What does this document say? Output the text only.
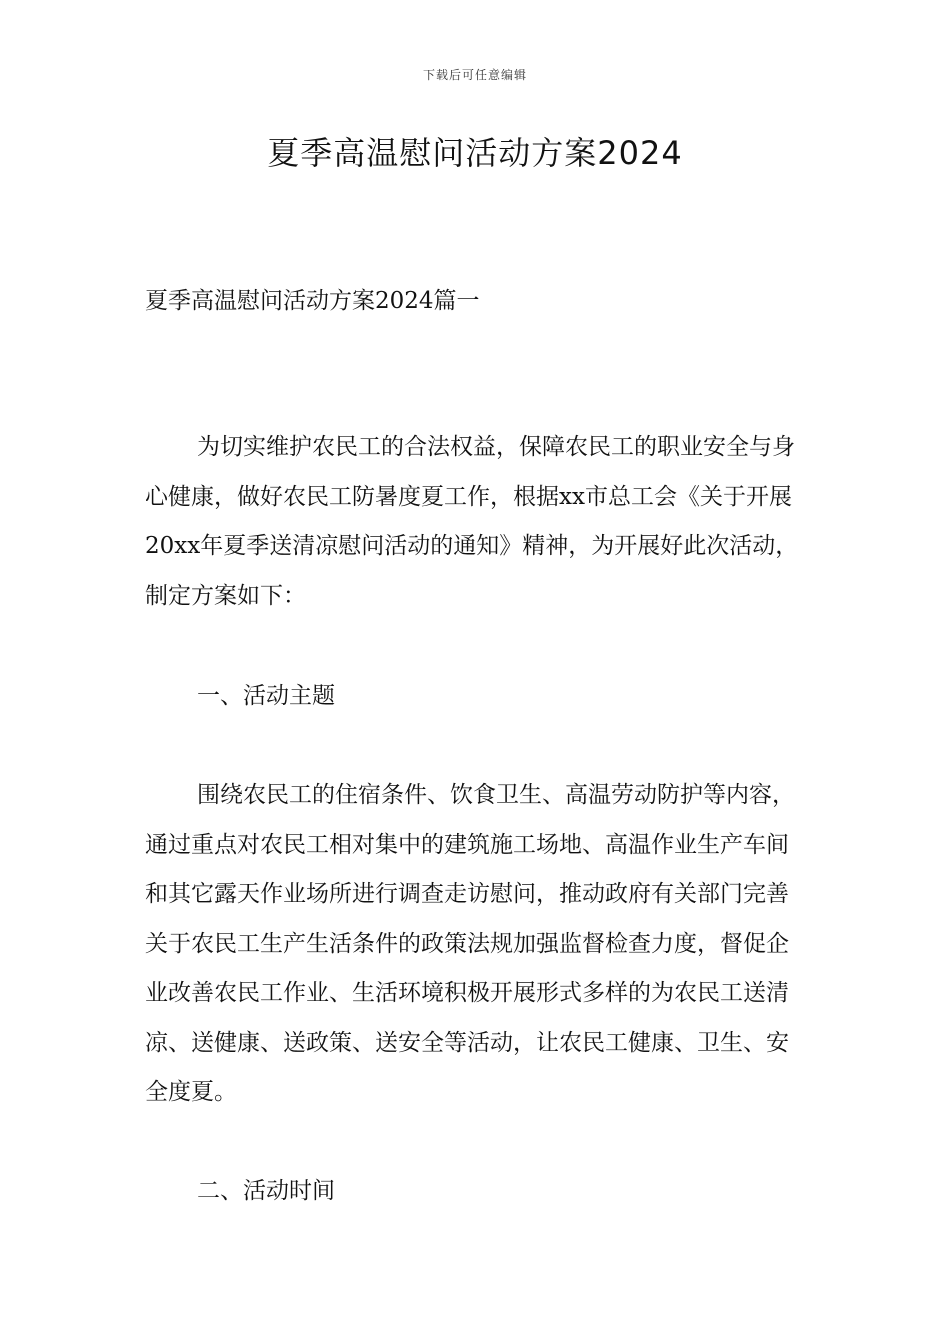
下载后可任意编辑
夏季高温慰问活动方案2024

夏季高温慰问活动方案2024篇一

为切实维护农民工的合法权益，保障农民工的职业安全与身心健康，做好农民工防暑度夏工作，根据xx市总工会《关于开展20xx年夏季送清凉慰问活动的通知》精神，为开展好此次活动，制定方案如下：

一、活动主题

围绕农民工的住宿条件、饮食卫生、高温劳动防护等内容，通过重点对农民工相对集中的建筑施工场地、高温作业生产车间和其它露天作业场所进行调查走访慰问，推动政府有关部门完善关于农民工生产生活条件的政策法规加强监督检查力度，督促企业改善农民工作业、生活环境积极开展形式多样的为农民工送清凉、送健康、送政策、送安全等活动，让农民工健康、卫生、安全度夏。

二、活动时间
